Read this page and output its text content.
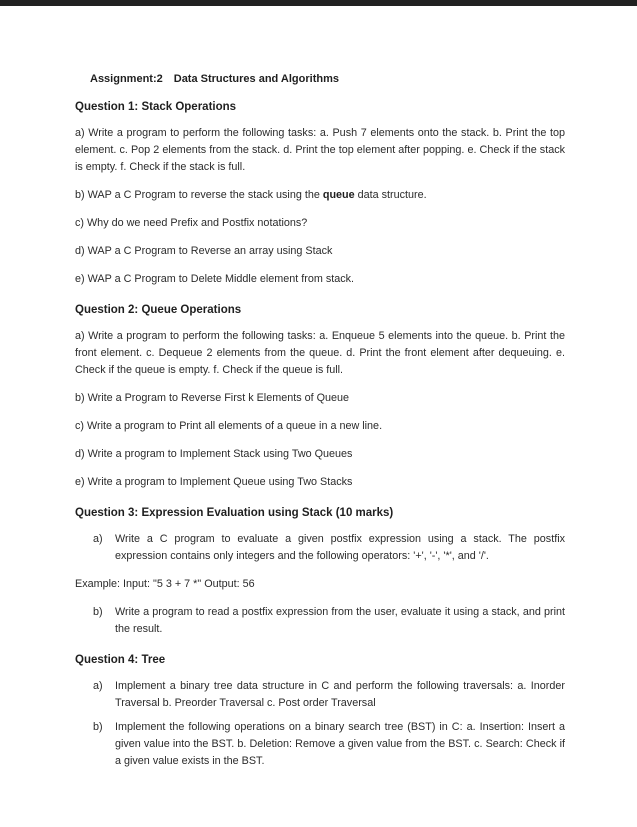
Assignment:2 Data Structures and Algorithms
Question 1: Stack Operations

a) Write a program to perform the following tasks: a. Push 7 elements onto the stack. b. Print the top element. c. Pop 2 elements from the stack. d. Print the top element after popping. e. Check if the stack is empty. f. Check if the stack is full.

b) WAP a C Program to reverse the stack using the queue data structure.

c) Why do we need Prefix and Postfix notations?

d) WAP a C Program to Reverse an array using Stack

e) WAP a C Program to Delete Middle element from stack.

Question 2: Queue Operations

a) Write a program to perform the following tasks: a. Enqueue 5 elements into the queue. b. Print the front element. c. Dequeue 2 elements from the queue. d. Print the front element after dequeuing. e. Check if the queue is empty. f. Check if the queue is full.

b) Write a Program to Reverse First k Elements of Queue

c) Write a program to Print all elements of a queue in a new line.

d) Write a program to Implement Stack using Two Queues

e) Write a program to Implement Queue using Two Stacks

Question 3: Expression Evaluation using Stack (10 marks)
a)	Write a C program to evaluate a given postfix expression using a stack. The postfix expression contains only integers and the following operators: '+', '-', '*', and '/'.

Example: Input: "5 3 + 7 *" Output: 56

b)	Write a program to read a postfix expression from the user, evaluate it using a stack, and print the result.
Question 4: Tree
a)	Implement a binary tree data structure in C and perform the following traversals: a. Inorder Traversal b. Preorder Traversal c. Post order Traversal
b)	Implement the following operations on a binary search tree (BST) in C: a. Insertion: Insert a given value into the BST. b. Deletion: Remove a given value from the BST. c. Search: Check if a given value exists in the BST.
